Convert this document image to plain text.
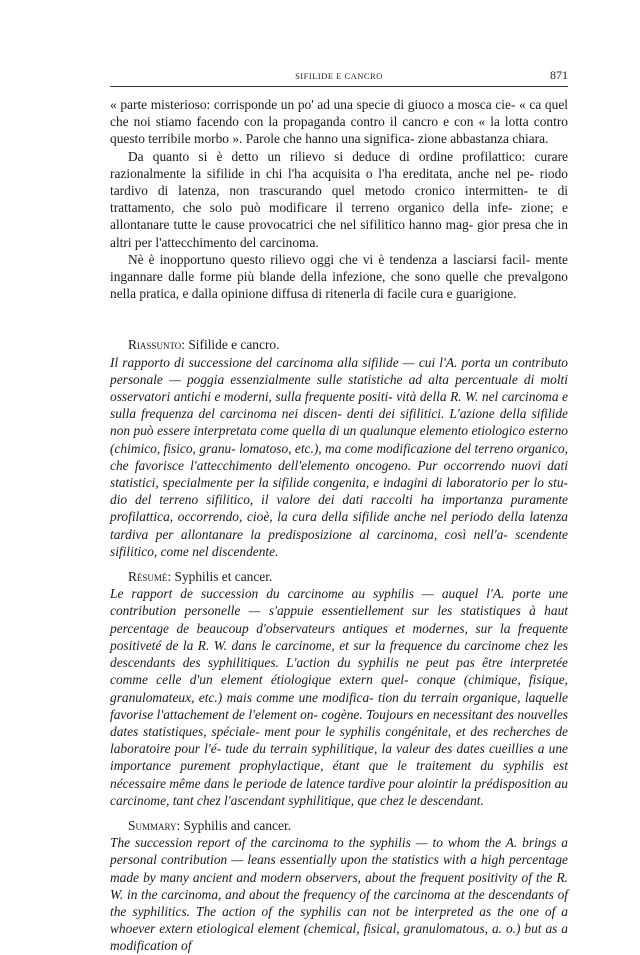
SIFILIDE E CANCRO	871

« parte misterioso: corrisponde un po' ad una specie di giuoco a mosca cie- « ca quel che noi stiamo facendo con la propaganda contro il cancro e con « la lotta contro questo terribile morbo ». Parole che hanno una significa- zione abbastanza chiara.

Da quanto si è detto un rilievo si deduce di ordine profilattico: curare razionalmente la sifilide in chi l'ha acquisita o l'ha ereditata, anche nel pe- riodo tardivo di latenza, non trascurando quel metodo cronico intermitten- te di trattamento, che solo può modificare il terreno organico della infe- zione; e allontanare tutte le cause provocatrici che nel sifilitico hanno mag- gior presa che in altri per l'attecchimento del carcinoma.

Nè è inopportuno questo rilievo oggi che vi è tendenza a lasciarsi facil- mente ingannare dalle forme più blande della infezione, che sono quelle che prevalgono nella pratica, e dalla opinione diffusa di ritenerla di facile cura e guarigione.

Riassunto: Sifilide e cancro.
Il rapporto di successione del carcinoma alla sifilide — cui l'A. porta un contributo personale — poggia essenzialmente sulle statistiche ad alta percentuale di molti osservatori antichi e moderni, sulla frequente positi- vità della R. W. nel carcinoma e sulla frequenza del carcinoma nei discen- denti dei sifilitici. L'azione della sifilide non può essere interpretata come quella di un qualunque elemento etiologico esterno (chimico, fisico, granu- lomatoso, etc.), ma come modificazione del terreno organico, che favorisce l'attecchimento dell'elemento oncogeno. Pur occorrendo nuovi dati statistici, specialmente per la sifilide congenita, e indagini di laboratorio per lo stu- dio del terreno sifilitico, il valore dei dati raccolti ha importanza puramente profilattica, occorrendo, cioè, la cura della sifilide anche nel periodo della latenza tardiva per allontanare la predisposizione al carcinoma, così nell'a- scendente sifilitico, come nel discendente.

Résumé: Syphilis et cancer.
Le rapport de succession du carcinome au syphilis — auquel l'A. porte une contribution personelle — s'appuie essentiellement sur les statistiques à haut percentage de beaucoup d'observateurs antiques et modernes, sur la frequente positiveté de la R. W. dans le carcinome, et sur la frequence du carcinome chez les descendants des syphilitiques. L'action du syphilis ne peut pas être interpretée comme celle d'un element étiologique extern quel- conque (chimique, fisique, granulomateux, etc.) mais comme une modifica- tion du terrain organique, laquelle favorise l'attachement de l'element on- cogène. Toujours en necessitant des nouvelles dates statistiques, spéciale- ment pour le syphilis congénitale, et des recherches de laboratoire pour l'é- tude du terrain syphilitique, la valeur des dates cueillies a une importance purement prophylactique, étant que le traitement du syphilis est nécessaire même dans le periode de latence tardive pour alointir la prédisposition au carcinome, tant chez l'ascendant syphilitique, que chez le descendant.

Summary: Syphilis and cancer.
The succession report of the carcinoma to the syphilis — to whom the A. brings a personal contribution — leans essentially upon the statistics with a high percentage made by many ancient and modern observers, about the frequent positivity of the R. W. in the carcinoma, and about the frequency of the carcinoma at the descendants of the syphilitics. The action of the syphilis can not be interpreted as the one of a whoever extern etiological element (chemical, fisical, granulomatous, a. o.) but as a modification of
